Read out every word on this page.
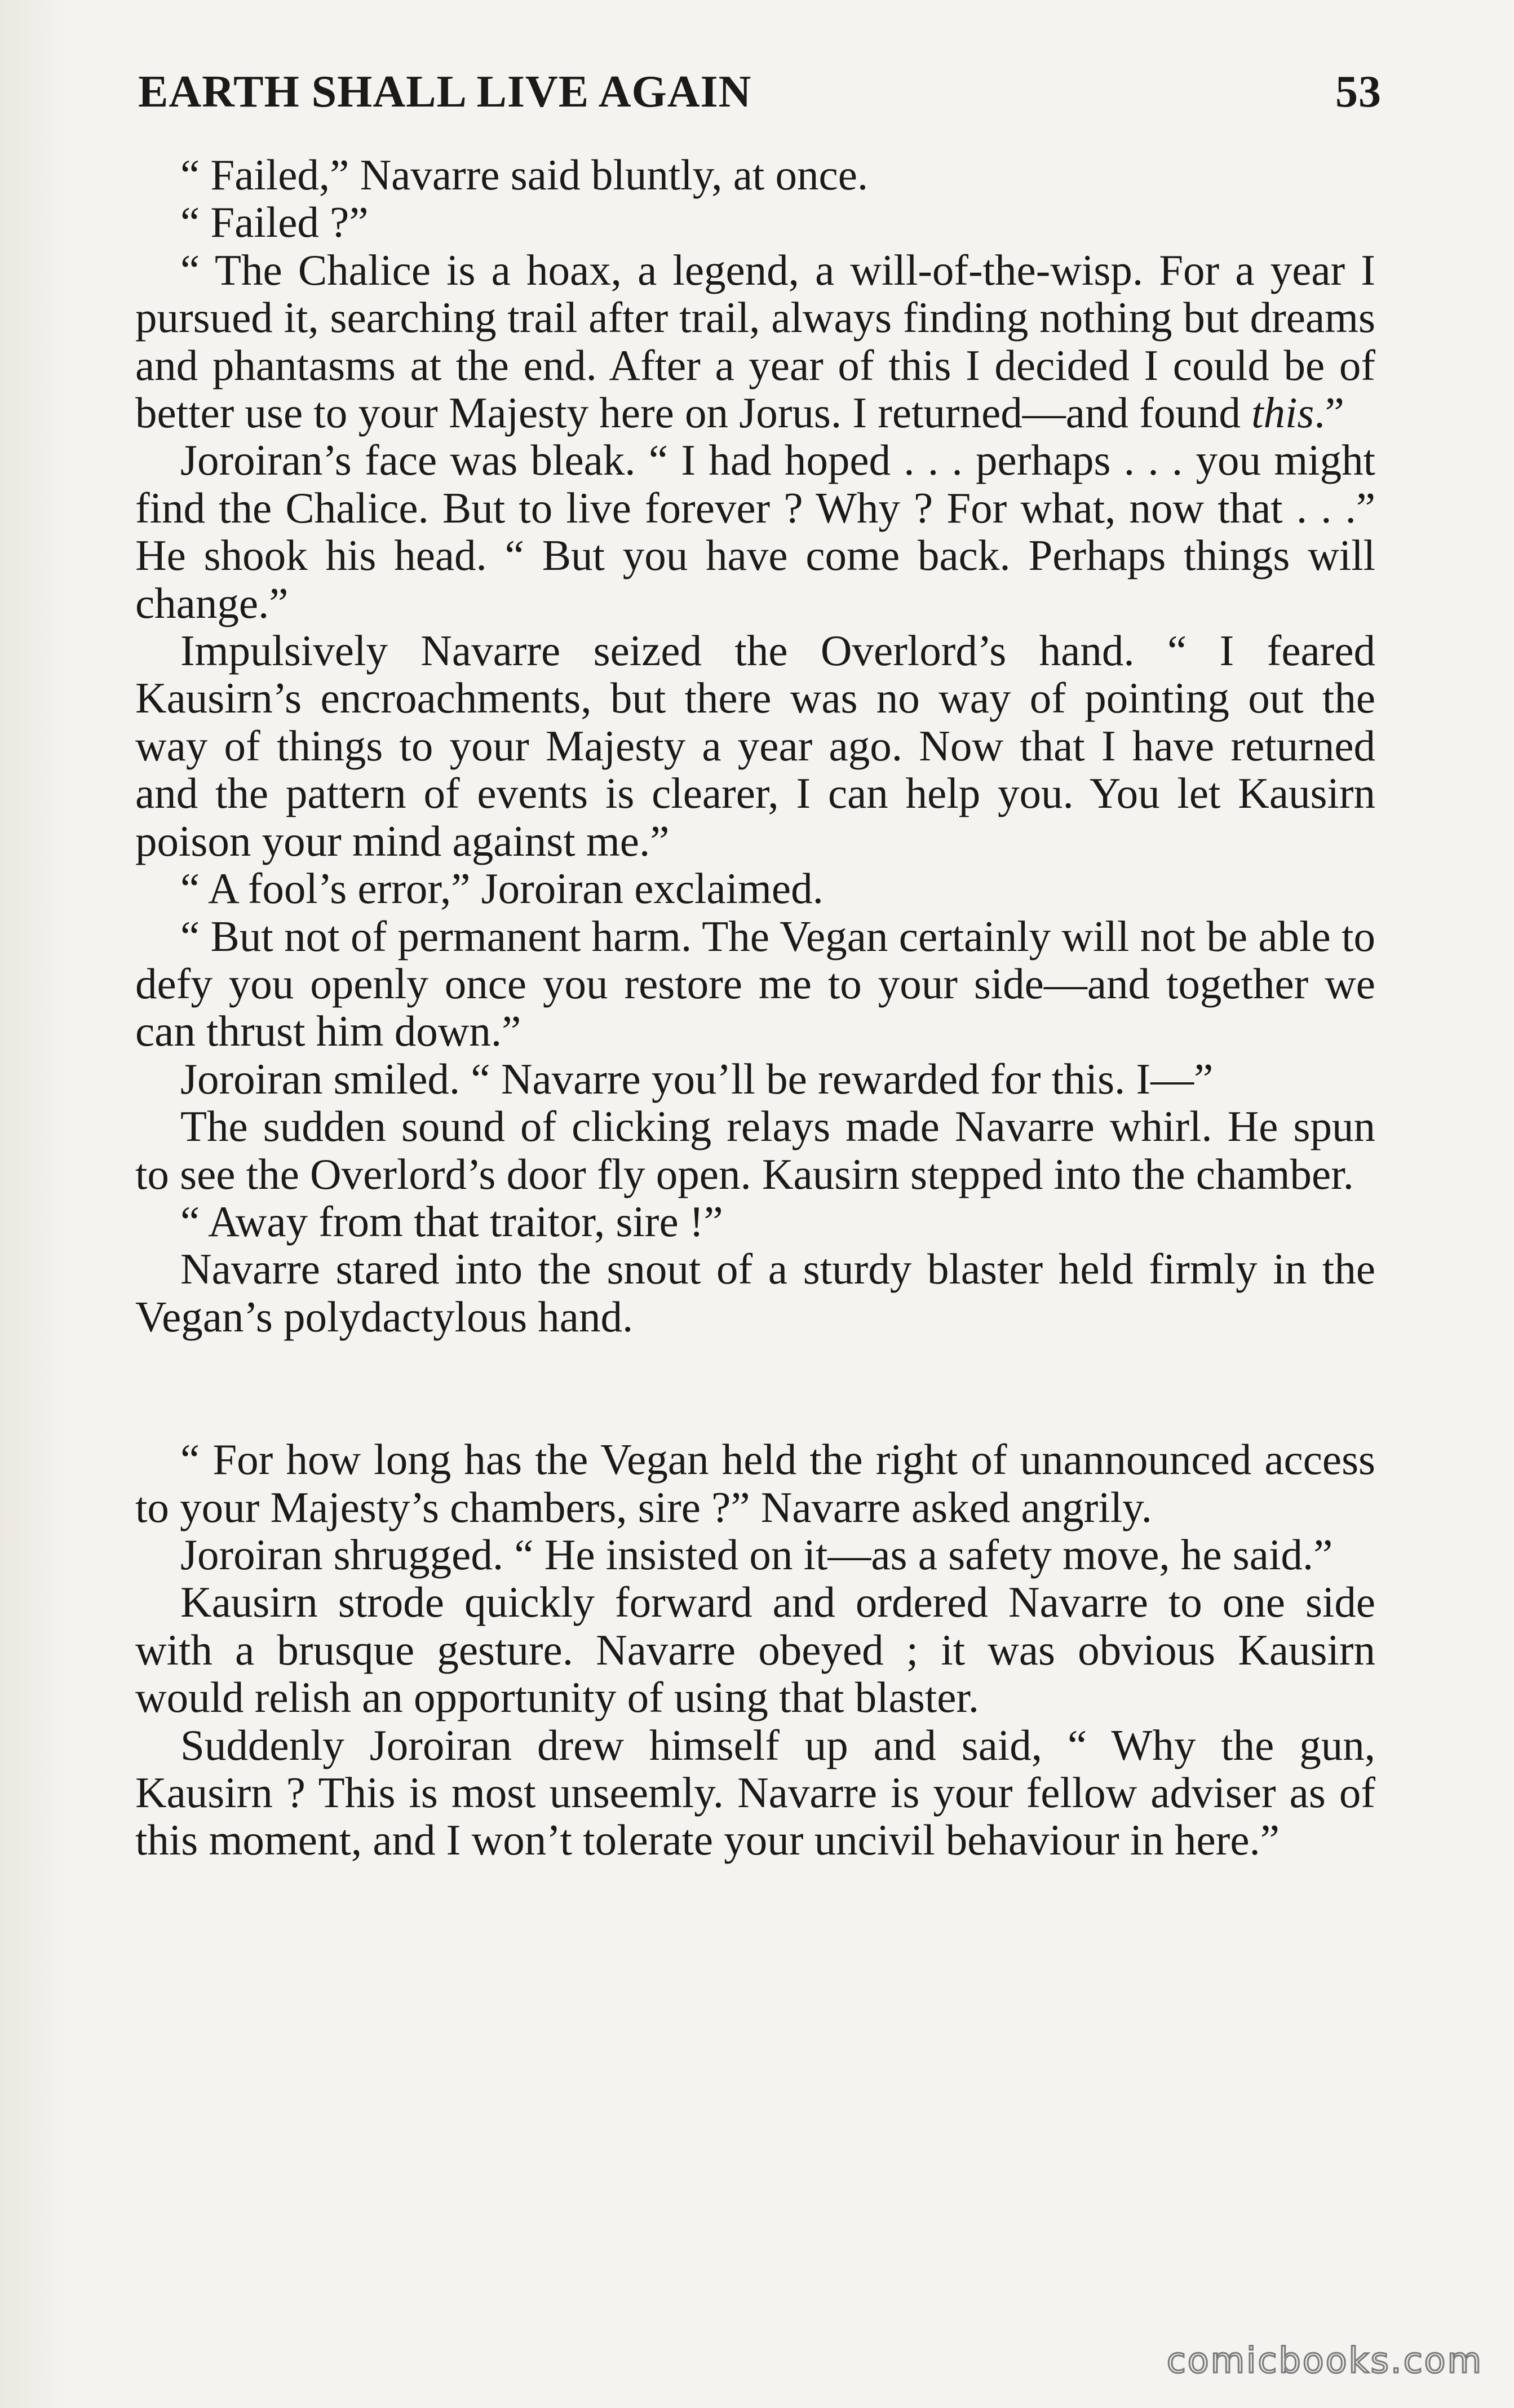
EARTH SHALL LIVE AGAIN	53

“ Failed,” Navarre said bluntly, at once.

“ Failed ?”

“ The Chalice is a hoax, a legend, a will-of-the-wisp. For a year I pursued it, searching trail after trail, always finding nothing but dreams and phantasms at the end. After a year of this I decided I could be of better use to your Majesty here on Jorus. I returned—and found this.”

Joroiran’s face was bleak. “ I had hoped . . . perhaps . . . you might find the Chalice. But to live forever ? Why ? For what, now that . . .” He shook his head. “ But you have come back. Perhaps things will change.”

Impulsively Navarre seized the Overlord’s hand. “ I feared Kausirn’s encroachments, but there was no way of pointing out the way of things to your Majesty a year ago. Now that I have returned and the pattern of events is clearer, I can help you. You let Kausirn poison your mind against me.”

“ A fool’s error,” Joroiran exclaimed.

“ But not of permanent harm. The Vegan certainly will not be able to defy you openly once you restore me to your side—and together we can thrust him down.”

Joroiran smiled. “ Navarre you’ll be rewarded for this. I—”

The sudden sound of clicking relays made Navarre whirl. He spun to see the Overlord’s door fly open. Kausirn stepped into the chamber.

“ Away from that traitor, sire !”

Navarre stared into the snout of a sturdy blaster held firmly in the Vegan’s polydactylous hand.

“ For how long has the Vegan held the right of unannounced access to your Majesty’s chambers, sire ?” Navarre asked angrily.

Joroiran shrugged. “ He insisted on it—as a safety move, he said.”

Kausirn strode quickly forward and ordered Navarre to one side with a brusque gesture. Navarre obeyed ; it was obvious Kausirn would relish an opportunity of using that blaster.

Suddenly Joroiran drew himself up and said, “ Why the gun, Kausirn ? This is most unseemly. Navarre is your fellow adviser as of this moment, and I won’t tolerate your uncivil behaviour in here.”

comicbooks.com
